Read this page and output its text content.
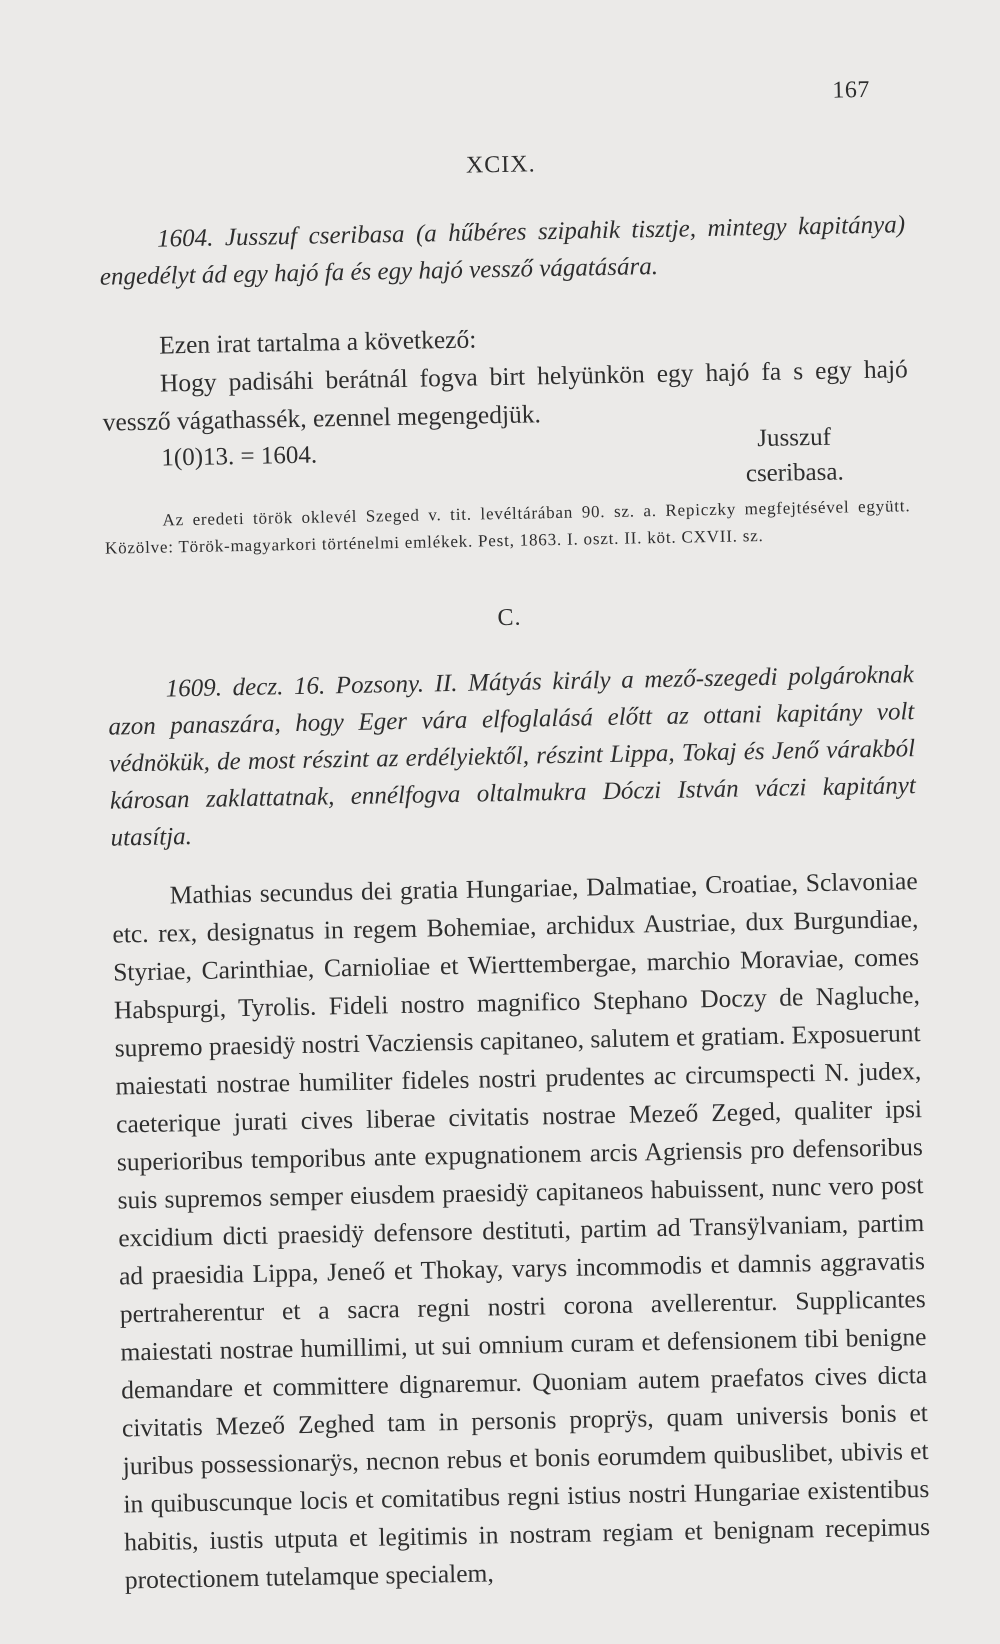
167
XCIX.

1604. Jusszuf cseribasa (a hűbéres szipahik tisztje, mintegy kapitánya) engedélyt ád egy hajó fa és egy hajó vessző vágatására.

Ezen irat tartalma a következő:

Hogy padisáhi berátnál fogva birt helyünkön egy hajó fa s egy hajó vessző vágathassék, ezennel megengedjük.

1(0)13. = 1604.
Jusszuf
cseribasa.

Az eredeti török oklevél Szeged v. tit. levéltárában 90. sz. a. Repiczky megfejtésével együtt. Közölve: Török-magyarkori történelmi emlékek. Pest, 1863. I. oszt. II. köt. CXVII. sz.

C.

1609. decz. 16. Pozsony. II. Mátyás király a mező-szegedi polgároknak azon panaszára, hogy Eger vára elfoglalásá előtt az ottani kapitány volt védnökük, de most részint az erdélyiektől, részint Lippa, Tokaj és Jenő várakból károsan zaklattatnak, ennélfogva oltalmukra Dóczi István váczi kapitányt utasítja.

Mathias secundus dei gratia Hungariae, Dalmatiae, Croatiae, Sclavoniae etc. rex, designatus in regem Bohemiae, archidux Austriae, dux Burgundiae, Styriae, Carinthiae, Carnioliae et Wierttembergae, marchio Moraviae, comes Habspurgi, Tyrolis. Fideli nostro magnifico Stephano Doczy de Nagluche, supremo praesidÿ nostri Vacziensis capitaneo, salutem et gratiam. Exposuerunt maiestati nostrae humiliter fideles nostri prudentes ac circumspecti N. judex, caeterique jurati cives liberae civitatis nostrae Mezeő Zeged, qualiter ipsi superioribus temporibus ante expugnationem arcis Agriensis pro defensoribus suis supremos semper eiusdem praesidÿ capitaneos habuissent, nunc vero post excidium dicti praesidÿ defensore destituti, partim ad Transÿlvaniam, partim ad praesidia Lippa, Jeneő et Thokay, varys incommodis et damnis aggravatis pertraherentur et a sacra regni nostri corona avellerentur. Supplicantes maiestati nostrae humillimi, ut sui omnium curam et defensionem tibi benigne demandare et committere dignaremur. Quoniam autem praefatos cives dicta civitatis Mezeő Zeghed tam in personis proprÿs, quam universis bonis et juribus possessionarÿs, necnon rebus et bonis eorumdem quibuslibet, ubivis et in quibuscunque locis et comitatibus regni istius nostri Hungariae existentibus habitis, iustis utputa et legitimis in nostram regiam et benignam recepimus protectionem tutelamque specialem,
